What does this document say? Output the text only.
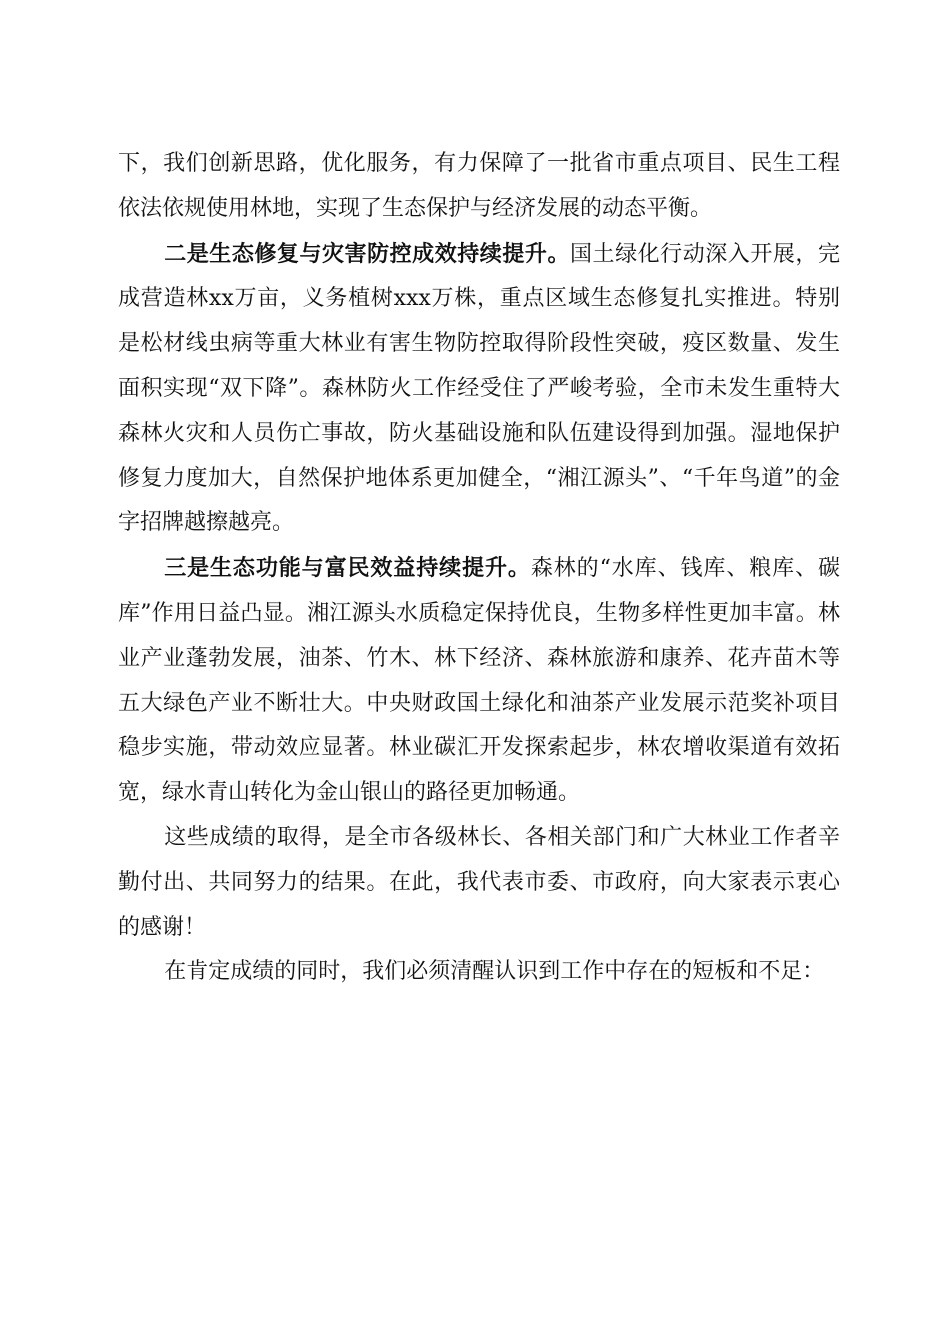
下，我们创新思路，优化服务，有力保障了一批省市重点项目、民生工程依法依规使用林地，实现了生态保护与经济发展的动态平衡。

二是生态修复与灾害防控成效持续提升。国土绿化行动深入开展，完成营造林xx万亩，义务植树xxx万株，重点区域生态修复扎实推进。特别是松材线虫病等重大林业有害生物防控取得阶段性突破，疫区数量、发生面积实现“双下降”。森林防火工作经受住了严峻考验，全市未发生重特大森林火灾和人员伤亡事故，防火基础设施和队伍建设得到加强。湿地保护修复力度加大，自然保护地体系更加健全，“湘江源头”、“千年鸟道”的金字招牌越擦越亮。

三是生态功能与富民效益持续提升。森林的“水库、钱库、粮库、碳库”作用日益凸显。湘江源头水质稳定保持优良，生物多样性更加丰富。林业产业蓬勃发展，油茶、竹木、林下经济、森林旅游和康养、花卉苗木等五大绿色产业不断壮大。中央财政国土绿化和油茶产业发展示范奖补项目稳步实施，带动效应显著。林业碳汇开发探索起步，林农增收渠道有效拓宽，绿水青山转化为金山银山的路径更加畅通。

这些成绩的取得，是全市各级林长、各相关部门和广大林业工作者辛勤付出、共同努力的结果。在此，我代表市委、市政府，向大家表示衷心的感谢！

在肯定成绩的同时，我们必须清醒认识到工作中存在的短板和不足：
